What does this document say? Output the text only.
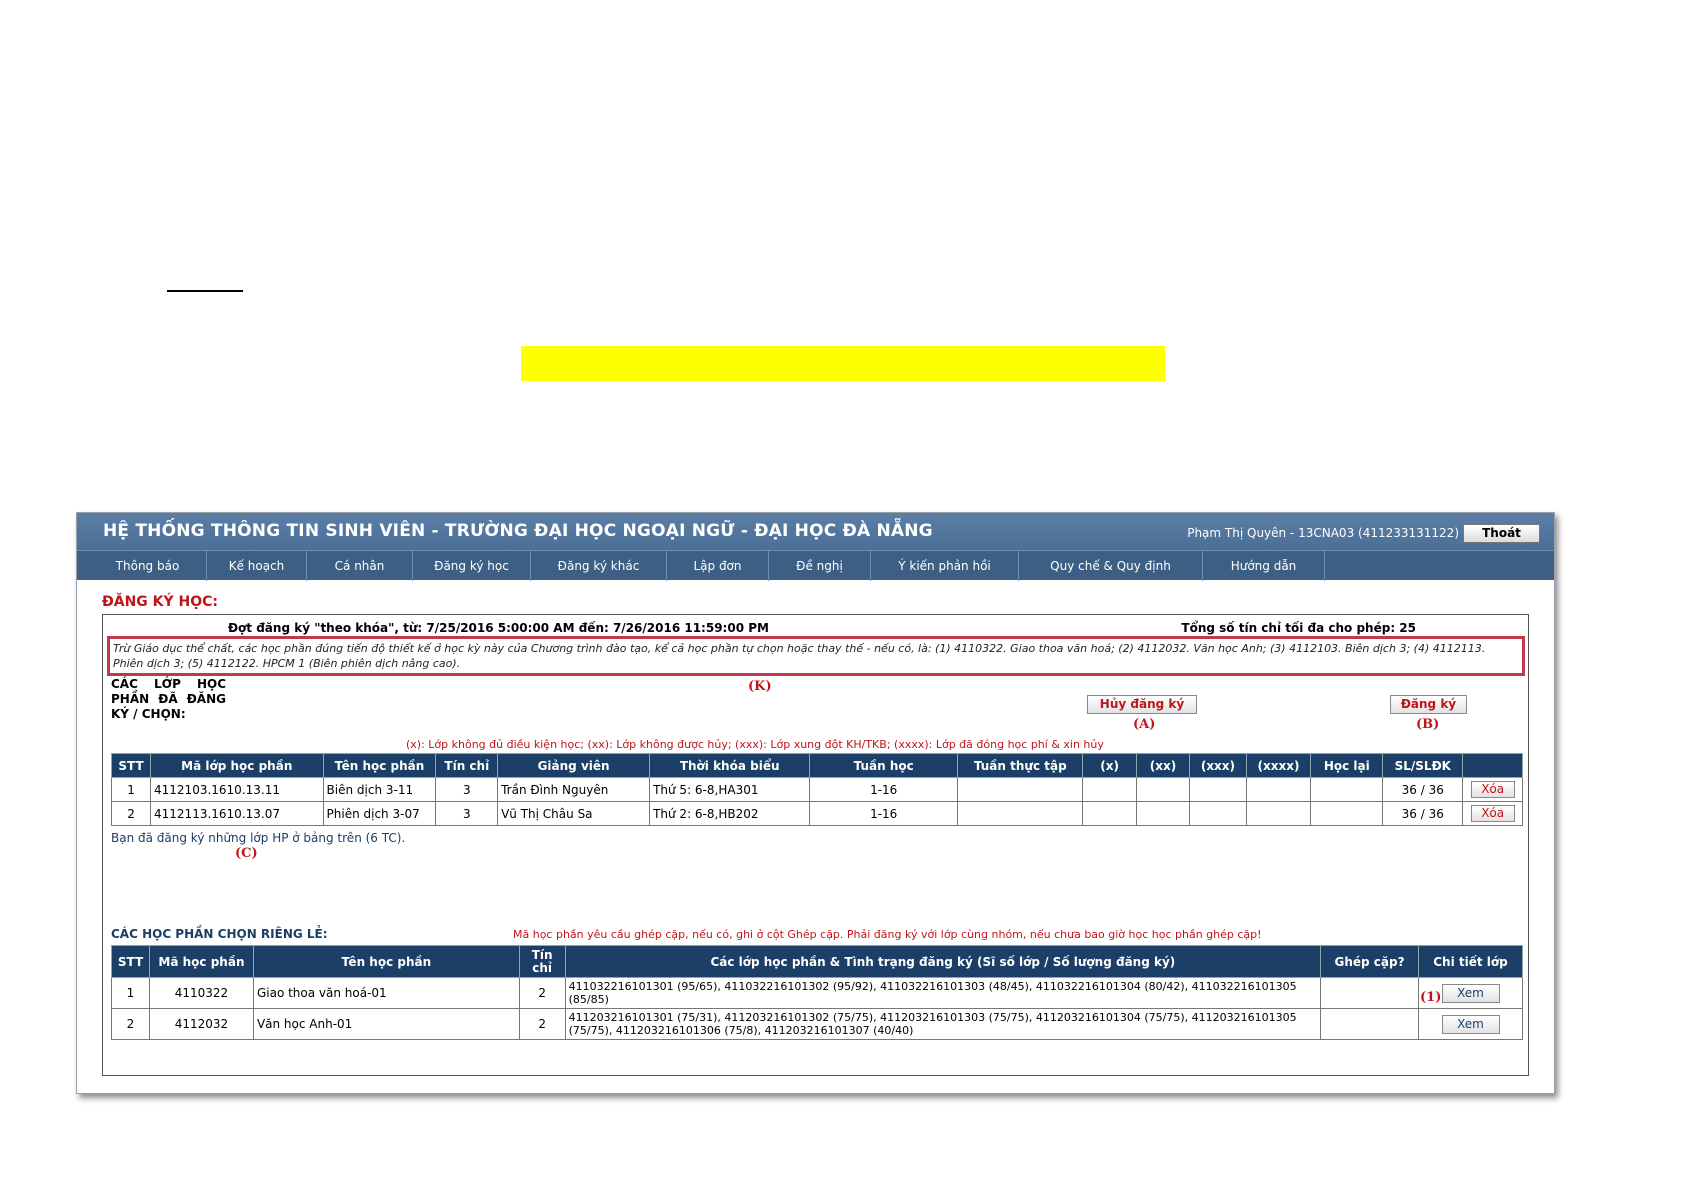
HỆ THỐNG THÔNG TIN SINH VIÊN - TRƯỜNG ĐẠI HỌC NGOẠI NGỮ - ĐẠI HỌC ĐÀ NẴNG	Phạm Thị Quyên - 13CNA03 (411233131122)	Thoát
Thông báo	Kế hoạch	Cá nhân	Đăng ký học	Đăng ký khác	Lập đơn	Đề nghị	Ý kiến phản hồi	Quy chế & Quy định	Hướng dẫn
ĐĂNG KÝ HỌC:
Đợt đăng ký "theo khóa", từ: 7/25/2016 5:00:00 AM đến: 7/26/2016 11:59:00 PM	Tổng số tín chỉ tối đa cho phép: 25
Trừ Giáo dục thể chất, các học phần đúng tiến độ thiết kế ở học kỳ này của Chương trình đào tạo, kể cả học phần tự chọn hoặc thay thế - nếu có, là: (1) 4110322. Giao thoa văn hoá; (2) 4112032. Văn học Anh; (3) 4112103. Biên dịch 3; (4) 4112113. Phiên dịch 3; (5) 4112122. HPCM 1 (Biên phiên dịch nâng cao).
(K)
CÁC LỚP HỌC PHẦN ĐÃ ĐĂNG KÝ / CHỌN:
Hủy đăng ký
(A)
Đăng ký
(B)
(x): Lớp không đủ điều kiện học; (xx): Lớp không được hủy; (xxx): Lớp xung đột KH/TKB; (xxxx): Lớp đã đóng học phí & xin hủy
STT	Mã lớp học phần	Tên học phần	Tín chỉ	Giảng viên	Thời khóa biểu	Tuần học	Tuần thực tập	(x)	(xx)	(xxx)	(xxxx)	Học lại	SL/SLĐK	
1	4112103.1610.13.11	Biên dịch 3-11	3	Trần Đình Nguyên	Thứ 5: 6-8,HA301	1-16							36 / 36	Xóa
2	4112113.1610.13.07	Phiên dịch 3-07	3	Vũ Thị Châu Sa	Thứ 2: 6-8,HB202	1-16							36 / 36	Xóa
Bạn đã đăng ký những lớp HP ở bảng trên (6 TC).
(C)
CÁC HỌC PHẦN CHỌN RIÊNG LẺ:	Mã học phần yêu cầu ghép cặp, nếu có, ghi ở cột Ghép cặp. Phải đăng ký với lớp cùng nhóm, nếu chưa bao giờ học học phần ghép cặp!
STT	Mã học phần	Tên học phần	Tín chỉ	Các lớp học phần & Tình trạng đăng ký (Sĩ số lớp / Số lượng đăng ký)	Ghép cặp?	Chi tiết lớp
1	4110322	Giao thoa văn hoá-01	2	411032216101301 (95/65), 411032216101302 (95/92), 411032216101303 (48/45), 411032216101304 (80/42), 411032216101305 (85/85)		Xem
2	4112032	Văn học Anh-01	2	411203216101301 (75/31), 411203216101302 (75/75), 411203216101303 (75/75), 411203216101304 (75/75), 411203216101305 (75/75), 411203216101306 (75/8), 411203216101307 (40/40)		Xem
(1)
